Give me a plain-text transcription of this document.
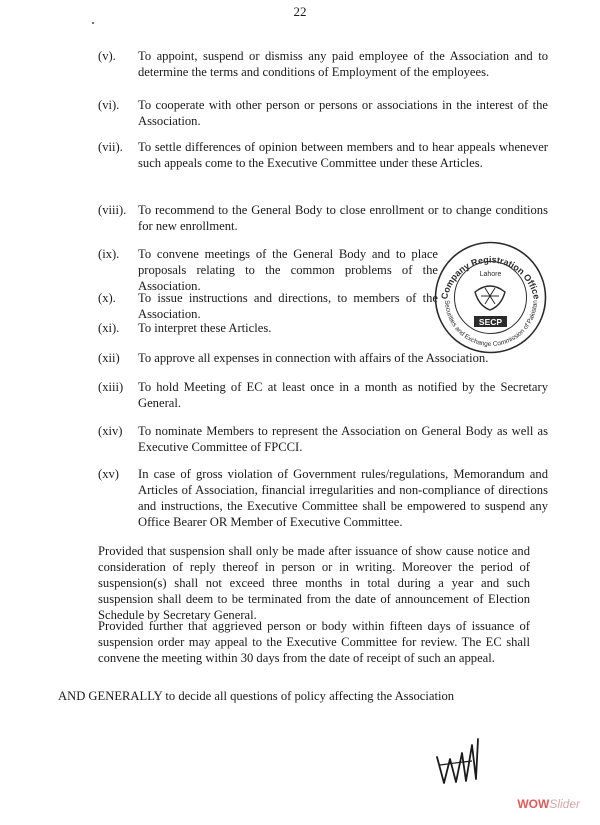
22
(v).	To appoint, suspend or dismiss any paid employee of the Association and to determine the terms and conditions of Employment of the employees.
(vi).	To cooperate with other person or persons or associations in the interest of the Association.
(vii).	To settle differences of opinion between members and to hear appeals whenever such appeals come to the Executive Committee under these Articles.
(viii). To recommend to the General Body to close enrollment or to change conditions for new enrollment.
(ix).	To convene meetings of the General Body and to place proposals relating to the common problems of the Association.
(x).	To issue instructions and directions, to members of the Association.
(xi).	To interpret these Articles.
(xii)	To approve all expenses in connection with affairs of the Association.
(xiii)	To hold Meeting of EC at least once in a month as notified by the Secretary General.
(xiv)	To nominate Members to represent the Association on General Body as well as Executive Committee of FPCCI.
(xv)	In case of gross violation of Government rules/regulations, Memorandum and Articles of Association, financial irregularities and non-compliance of directions and instructions, the Executive Committee shall be empowered to suspend any Office Bearer OR Member of Executive Committee.
Provided that suspension shall only be made after issuance of show cause notice and consideration of reply thereof in person or in writing. Moreover the period of suspension(s) shall not exceed three months in total during a year and such suspension shall deem to be terminated from the date of announcement of Election Schedule by Secretary General.
Provided further that aggrieved person or body within fifteen days of issuance of suspension order may appeal to the Executive Committee for review. The EC shall convene the meeting within 30 days from the date of receipt of such an appeal.
AND GENERALLY to decide all questions of policy affecting the Association
Company Registration Office
Securities and Exchange Commission of Pakistan
Lahore
SECP
WOWSlider
